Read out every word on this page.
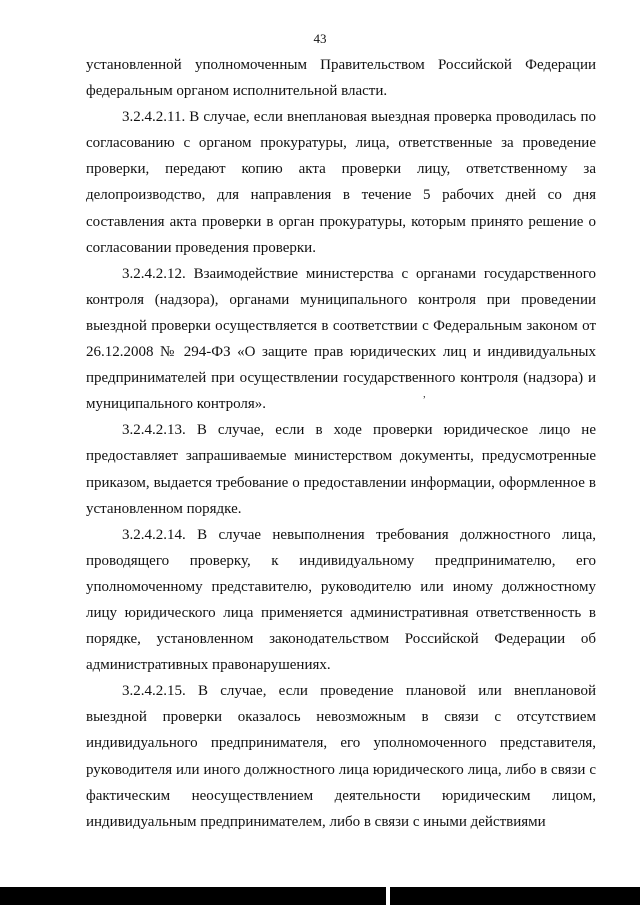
43

установленной уполномоченным Правительством Российской Федерации федеральным органом исполнительной власти.

3.2.4.2.11. В случае, если внеплановая выездная проверка проводилась по согласованию с органом прокуратуры, лица, ответственные за проведение проверки, передают копию акта проверки лицу, ответственному за делопроизводство, для направления в течение 5 рабочих дней со дня составления акта проверки в орган прокуратуры, которым принято решение о согласовании проведения проверки.

3.2.4.2.12. Взаимодействие министерства с органами государственного контроля (надзора), органами муниципального контроля при проведении выездной проверки осуществляется в соответствии с Федеральным законом от 26.12.2008 № 294-ФЗ «О защите прав юридических лиц и индивидуальных предпринимателей при осуществлении государственного контроля (надзора) и муниципального контроля».

3.2.4.2.13. В случае, если в ходе проверки юридическое лицо не предоставляет запрашиваемые министерством документы, предусмотренные приказом, выдается требование о предоставлении информации, оформленное в установленном порядке.

3.2.4.2.14. В случае невыполнения требования должностного лица, проводящего проверку, к индивидуальному предпринимателю, его уполномоченному представителю, руководителю или иному должностному лицу юридического лица применяется административная ответственность в порядке, установленном законодательством Российской Федерации об административных правонарушениях.

3.2.4.2.15. В случае, если проведение плановой или внеплановой выездной проверки оказалось невозможным в связи с отсутствием индивидуального предпринимателя, его уполномоченного представителя, руководителя или иного должностного лица юридического лица, либо в связи с фактическим неосуществлением деятельности юридическим лицом, индивидуальным предпринимателем, либо в связи с иными действиями

,
